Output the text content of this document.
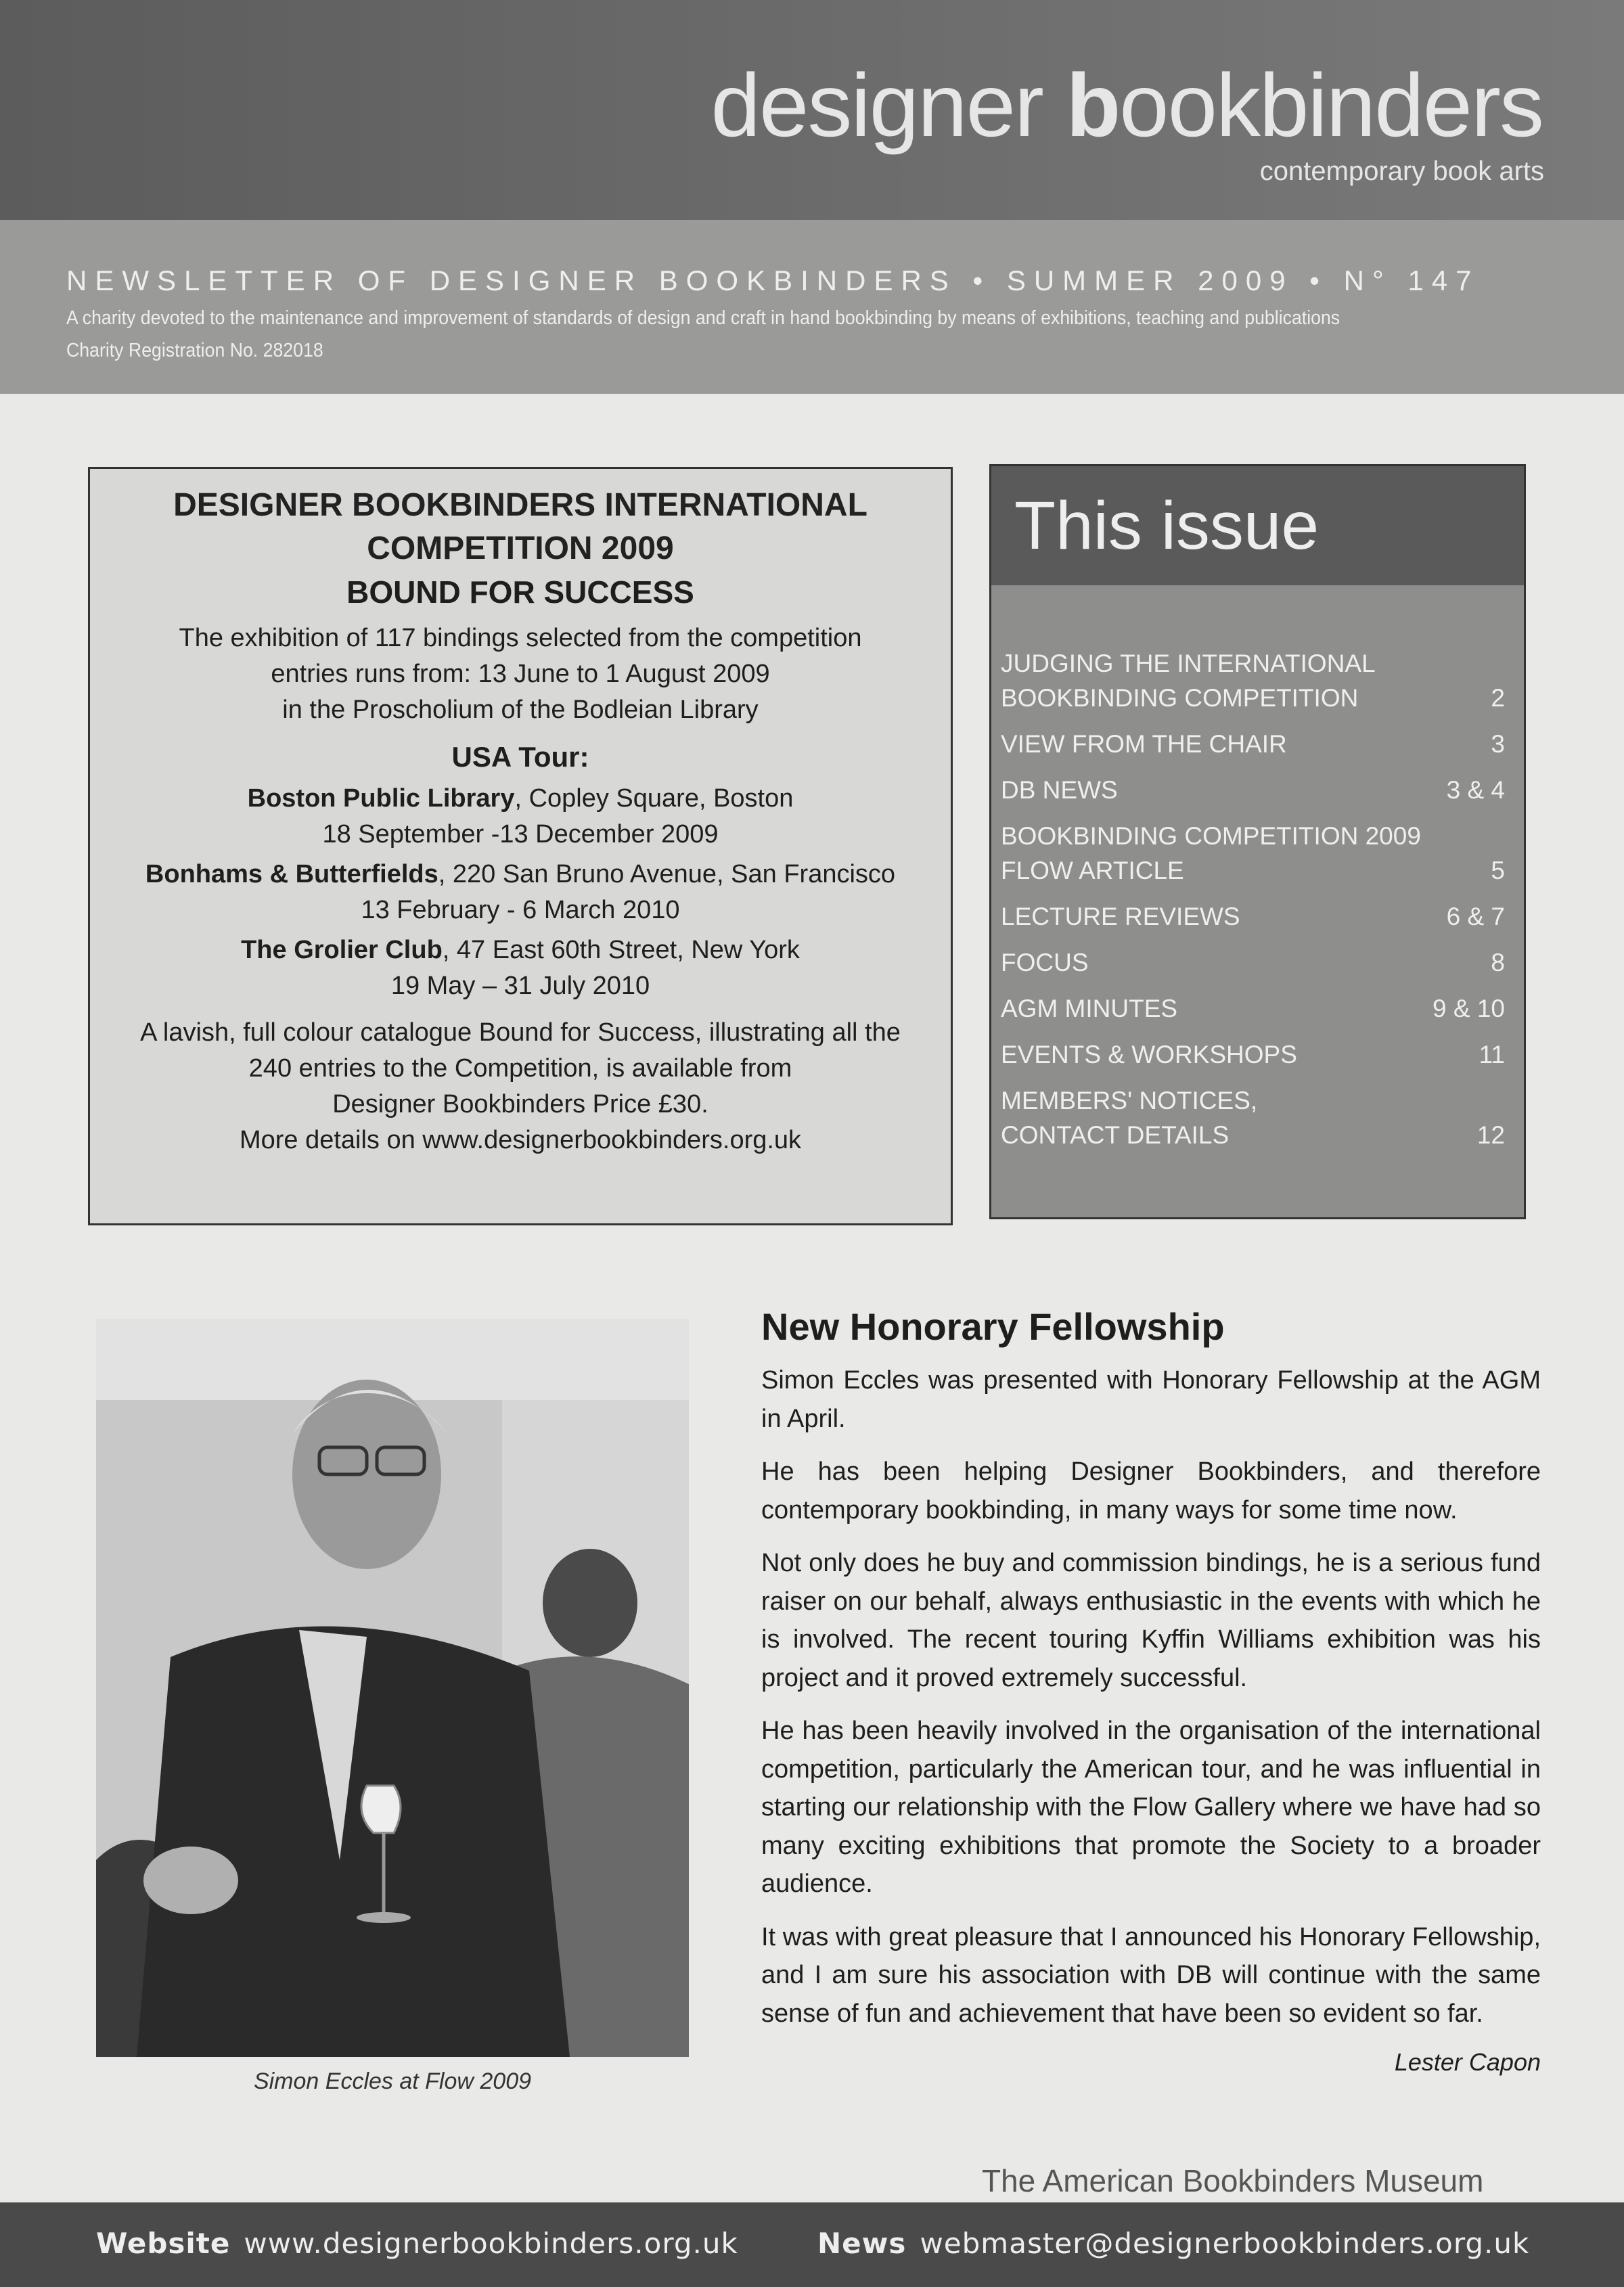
designer bookbinders
contemporary book arts
NEWSLETTER OF DESIGNER BOOKBINDERS • SUMMER 2009 • N° 147
A charity devoted to the maintenance and improvement of standards of design and craft in hand bookbinding by means of exhibitions, teaching and publications
Charity Registration No. 282018
DESIGNER BOOKBINDERS INTERNATIONAL
COMPETITION 2009
BOUND FOR SUCCESS

The exhibition of 117 bindings selected from the competition
entries runs from: 13 June to 1 August 2009
in the Proscholium of the Bodleian Library

USA Tour:

Boston Public Library, Copley Square, Boston
18 September -13 December 2009

Bonhams & Butterfields, 220 San Bruno Avenue, San Francisco
13 February - 6 March 2010

The Grolier Club, 47 East 60th Street, New York
19 May – 31 July 2010

A lavish, full colour catalogue Bound for Success, illustrating all the
240 entries to the Competition, is available from
Designer Bookbinders Price £30.
More details on www.designerbookbinders.org.uk

This issue
JUDGING THE INTERNATIONAL
BOOKBINDING COMPETITION	2
VIEW FROM THE CHAIR	3
DB NEWS	3 & 4
BOOKBINDING COMPETITION 2009
FLOW ARTICLE	5
LECTURE REVIEWS	6 & 7
FOCUS	8
AGM MINUTES	9 & 10
EVENTS & WORKSHOPS	11
MEMBERS' NOTICES,
CONTACT DETAILS	12
Simon Eccles at Flow 2009
New Honorary Fellowship

Simon Eccles was presented with Honorary Fellowship at the AGM in April.

He has been helping Designer Bookbinders, and therefore contemporary bookbinding, in many ways for some time now.

Not only does he buy and commission bindings, he is a serious fund raiser on our behalf, always enthusiastic in the events with which he is involved. The recent touring Kyffin Williams exhibition was his project and it proved extremely successful.

He has been heavily involved in the organisation of the international competition, particularly the American tour, and he was influential in starting our relationship with the Flow Gallery where we have had so many exciting exhibitions that promote the Society to a broader audience.

It was with great pleasure that I announced his Honorary Fellowship, and I am sure his association with DB will continue with the same sense of fun and achievement that have been so evident so far.

Lester Capon
The American Bookbinders Museum
Website www.designerbookbinders.org.uk	News webmaster@designerbookbinders.org.uk
